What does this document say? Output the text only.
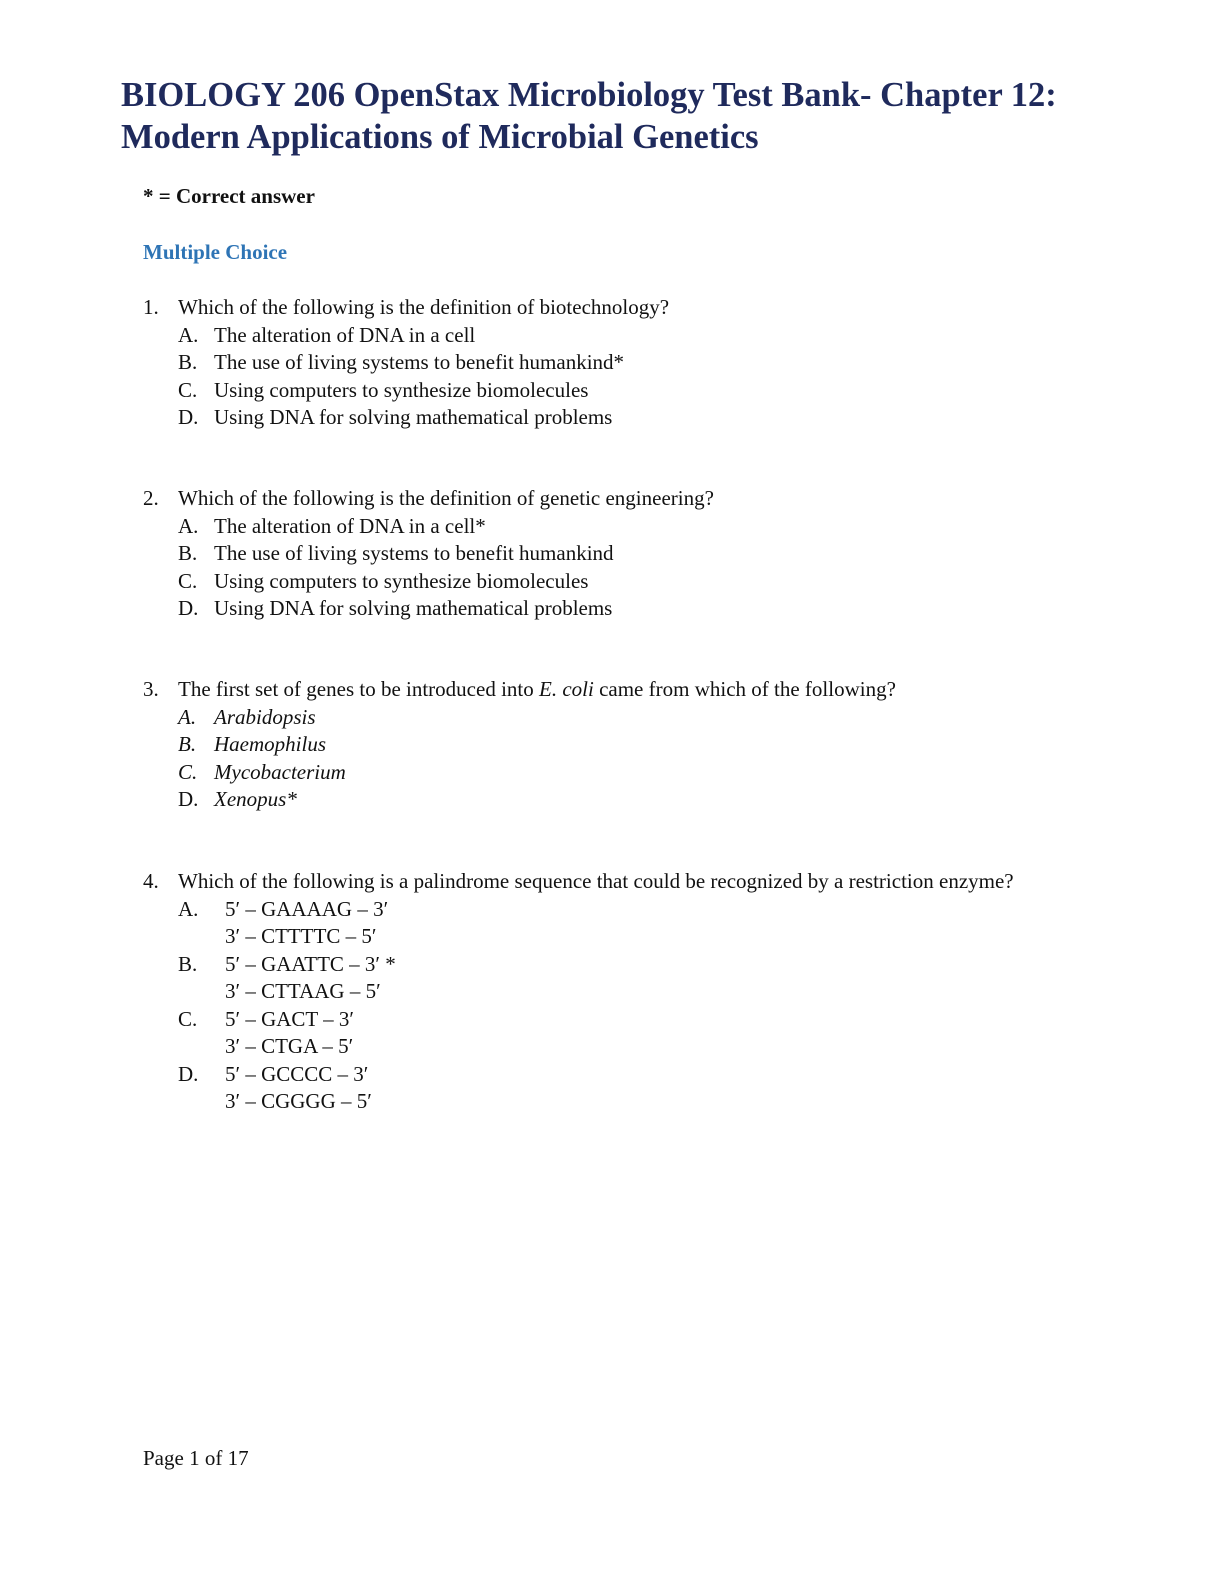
BIOLOGY 206 OpenStax Microbiology Test Bank- Chapter 12: Modern Applications of Microbial Genetics
* = Correct answer
Multiple Choice
1. Which of the following is the definition of biotechnology?
A. The alteration of DNA in a cell
B. The use of living systems to benefit humankind*
C. Using computers to synthesize biomolecules
D. Using DNA for solving mathematical problems
2. Which of the following is the definition of genetic engineering?
A. The alteration of DNA in a cell*
B. The use of living systems to benefit humankind
C. Using computers to synthesize biomolecules
D. Using DNA for solving mathematical problems
3. The first set of genes to be introduced into E. coli came from which of the following?
A. Arabidopsis
B. Haemophilus
C. Mycobacterium
D. Xenopus*
4. Which of the following is a palindrome sequence that could be recognized by a restriction enzyme?
A. 5′ – GAAAAG – 3′
3′ – CTTTTC – 5′
B. 5′ – GAATTC – 3′ *
3′ – CTTAAG – 5′
C. 5′ – GACT – 3′
3′ – CTGA – 5′
D. 5′ – GCCCC – 3′
3′ – CGGGG – 5′
Page 1 of 17
